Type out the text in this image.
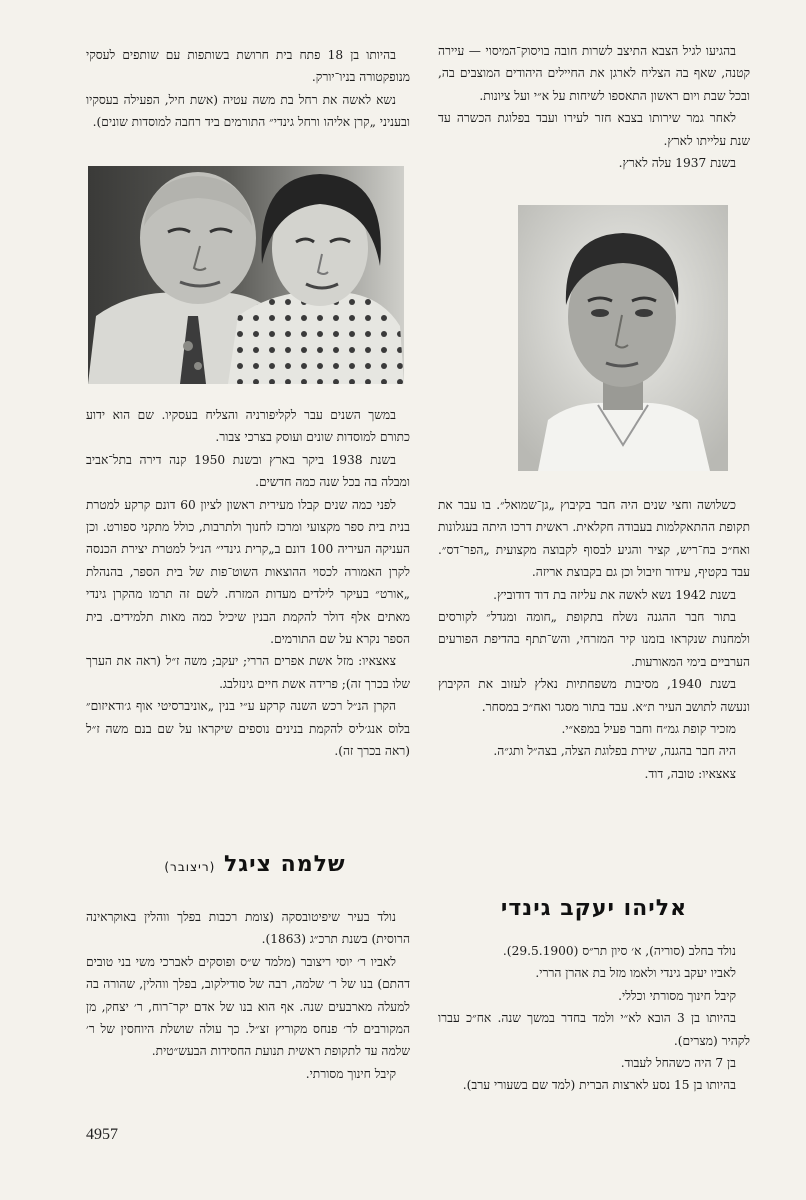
בהגיעו לגיל הצבא התיצב לשרות חובה בויסוק־המיסוי — עיירה קטנה, שאף בה הצליח לארגן את החיילים היהודים המוצבים בה, ובכל שבת ויום ראשון התאספו לשיחות על א״י ועל ציונות.

לאחר גמר שירותו בצבא חזר לעירו ועבד בפלוגת הכשרה עד שנת עלייתו לארץ.

בשנת 1937 עלה לארץ.

כשלושה וחצי שנים היה חבר בקיבוץ „גן־שמואל״. בו עבר את תקופת ההתאקלמות בעבודה חקלאית. ראשית דרכו היתה בעגלונות ואח״כ בח־ריש, קציר והגיע לבסוף לקבוצה מקצועית „הפר־דס״. עבד בקטיף, עידור וזיבול וכן גם בקבוצת אריזה.

בשנת 1942 נשא לאשה את עליזה בת דוד דודוביץ.

בתור חבר ההגנה נשלח בתקופת „חומה ומגדל״ לקורסים ולמחנות שנקראו בזמנו קיר המזרחי, והש־תתף בהדיפת הפורעים הערביים בימי המאורעות.

בשנת 1940, מסיבות משפחתיות נאלץ לעזוב את הקיבוץ ונעשה לתושב העיר ת״א. עבד בתור מסגר ואח״כ במסחר.

מזכיר קופת גמ״ח וחבר פעיל במפא״י.

היה חבר בהגנה, שירת בפלוגת הצלה, בצה״ל ותג״ה.

צאצאיו: טובה, דוד.

אליהו יעקב גינדי

נולד בחלב (סוריה), א׳ סיון תר״ס (29.5.1900).

לאביו יעקב גינדי ולאמו מזל בת אהרן הררי.

קיבל חינוך מסורתי וכללי.

בהיותו בן 3 הובא לא״י ולמד בחדר במשך שנה. אח״כ עברו לקהיר (מצרים).

בן 7 היה כשהחל לעבוד.

בהיותו בן 15 נסע לארצות הברית (למד שם בשעורי ערב).

בהיותו בן 18 פתח בית חרושת בשותפות עם שותפים לעסקי מנופקטורה בניו־יורק.

נשא לאשה את רחל בת משה עטיה (אשת חיל, הפעילה בעסקיו ובעניני „קרן אליהו ורחל גינדי״ התורמים ביד רחבה למוסדות שונים).

במשך השנים עבר לקליפורניה והצליח בעסקיו. שם הוא ידוע כתורם למוסדות שונים ועוסק בצרכי צבור.

בשנת 1938 ביקר בארץ ובשנת 1950 קנה דירה בתל־אביב ומבלה בה בכל שנה כמה חדשים.

לפני כמה שנים קבלו מעירית ראשון לציון 60 דונם קרקע למטרת בנית בית ספר מקצועי ומרכז לחנוך ולתרבות, כולל מתקני ספורט. וכן העניקה העיריה 100 דונם ב„קרית גינדי״ הנ״ל למטרת יצירת הכנסה לקרן האמורה לכסוי ההוצאות השוט־פות של בית הספר, בהנהלת „אורט״ בעיקר לילדים מעדות המזרח. לשם זה תרמו מהקרן גינדי מאתים אלף דולר להקמת הבנין שיכיל כמה מאות תלמידים. בית הספר נקרא על שם התורמים.

צאצאיו: מזל אשת אפרים הררי; יעקב; משה ז״ל (ראה את הערך שלו בכרך זה); פרידה אשת חיים גינזלבג.

הקרן הנ״ל רכש השנה קרקע ע״י בנין „אוניברסיטי אוף ג׳ודאיזום״ בלוס אנג׳ליס להקמת בנינים נוספים שיקראו על שם בנם משה ז״ל (ראה בכרך זה).

שלמה ציגל (ריצובר)

נולד בעיר שיפיטובסקה (צומת רכבות בפלך ווהלין באוקראינה הרוסית) בשנת תרכ״ג (1863).

לאביו ר׳ יוסי ריצובר (מלמד ש״ס ופוסקים לאברכי משי בני טובים דהתם) בנו של ר׳ שלמה, רבה של סודילקוב, בפלך ווהלין, שהורה בה למעלה מארבעים שנה. אף הוא בנו של אדם יקר־רוח, ר׳ יצחק, מן המקורבים לר׳ פנחס מקוריץ זצ״ל. כך עולה שושלת היוחסין של ר׳ שלמה עד לתקופת ראשית תנועת החסידות הבעש״טית.

קיבל חינוך מסורתי.

4957
